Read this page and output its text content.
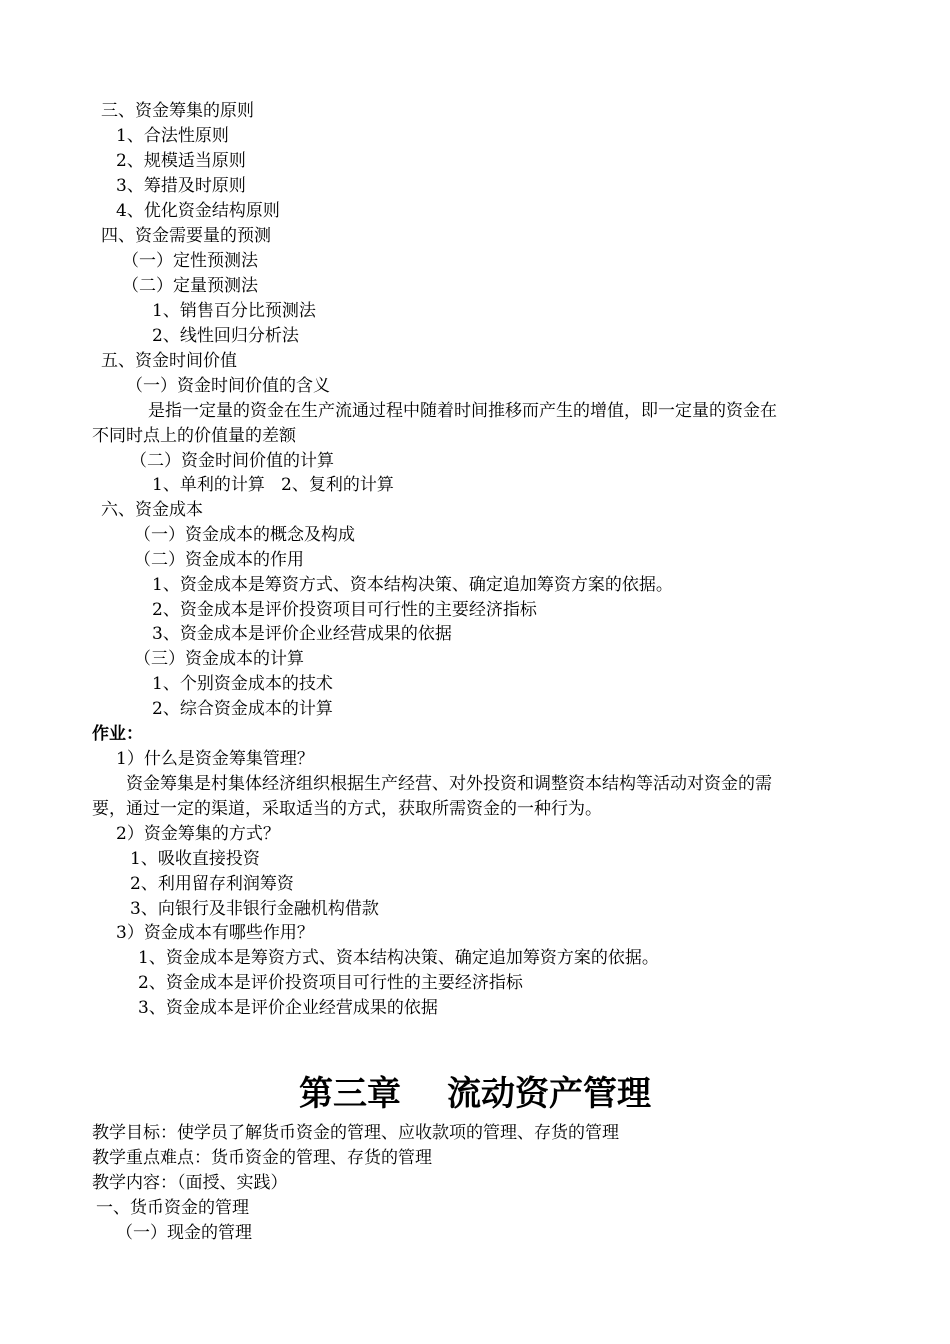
三、资金筹集的原则
1、合法性原则
2、规模适当原则
3、筹措及时原则
4、优化资金结构原则
四、资金需要量的预测
（一）定性预测法
（二）定量预测法
1、销售百分比预测法
2、线性回归分析法
五、资金时间价值
（一）资金时间价值的含义
是指一定量的资金在生产流通过程中随着时间推移而产生的增值，即一定量的资金在
不同时点上的价值量的差额
（二）资金时间价值的计算
1、单利的计算   2、复利的计算
六、资金成本
（一）资金成本的概念及构成
（二）资金成本的作用
1、资金成本是筹资方式、资本结构决策、确定追加筹资方案的依据。
2、资金成本是评价投资项目可行性的主要经济指标
3、资金成本是评价企业经营成果的依据
（三）资金成本的计算
1、个别资金成本的技术
2、综合资金成本的计算
作业：
1）什么是资金筹集管理？
资金筹集是村集体经济组织根据生产经营、对外投资和调整资本结构等活动对资金的需
要，通过一定的渠道，采取适当的方式，获取所需资金的一种行为。
2）资金筹集的方式？
1、吸收直接投资
2、利用留存利润筹资
3、向银行及非银行金融机构借款
3）资金成本有哪些作用？
1、资金成本是筹资方式、资本结构决策、确定追加筹资方案的依据。
2、资金成本是评价投资项目可行性的主要经济指标
3、资金成本是评价企业经营成果的依据
第三章 流动资产管理
教学目标：使学员了解货币资金的管理、应收款项的管理、存货的管理
教学重点难点：货币资金的管理、存货的管理
教学内容：（面授、实践）
一、货币资金的管理
（一）现金的管理
